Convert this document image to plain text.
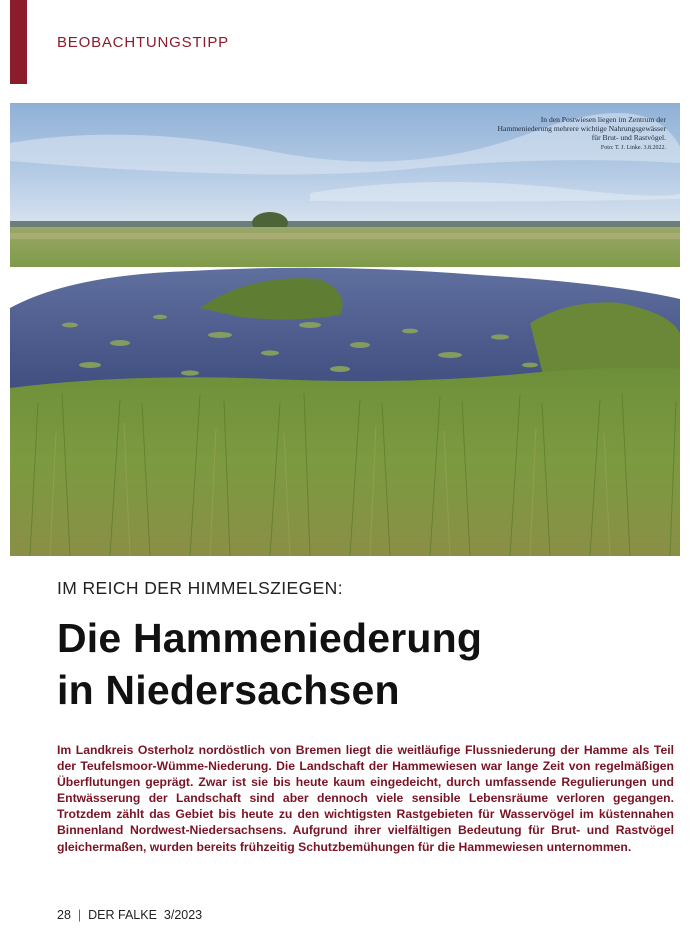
BEOBACHTUNGSTIPP
In den Postwiesen liegen im Zentrum der Hammeniederung mehrere wichtige Nahrungsgewässer für Brut- und Rastvögel.
Foto: T. J. Linke. 3.8.2022.
IM REICH DER HIMMELSZIEGEN:
Die Hammeniederung
in Niedersachsen
Im Landkreis Osterholz nordöstlich von Bremen liegt die weitläufige Flussniederung der Hamme als Teil der Teufelsmoor-Wümme-Niederung. Die Landschaft der Hammewiesen war lange Zeit von regelmäßigen Überflutungen geprägt. Zwar ist sie bis heute kaum eingedeicht, durch umfassende Regulierungen und Entwässerung der Landschaft sind aber dennoch viele sensible Lebensräume verloren gegangen. Trotzdem zählt das Gebiet bis heute zu den wichtigsten Rastgebieten für Wasservögel im küstennahen Binnenland Nordwest-Niedersachsens. Aufgrund ihrer vielfältigen Bedeutung für Brut- und Rastvögel gleichermaßen, wurden bereits frühzeitig Schutzbemühungen für die Hammewiesen unternommen.
28 | DER FALKE 3/2023
